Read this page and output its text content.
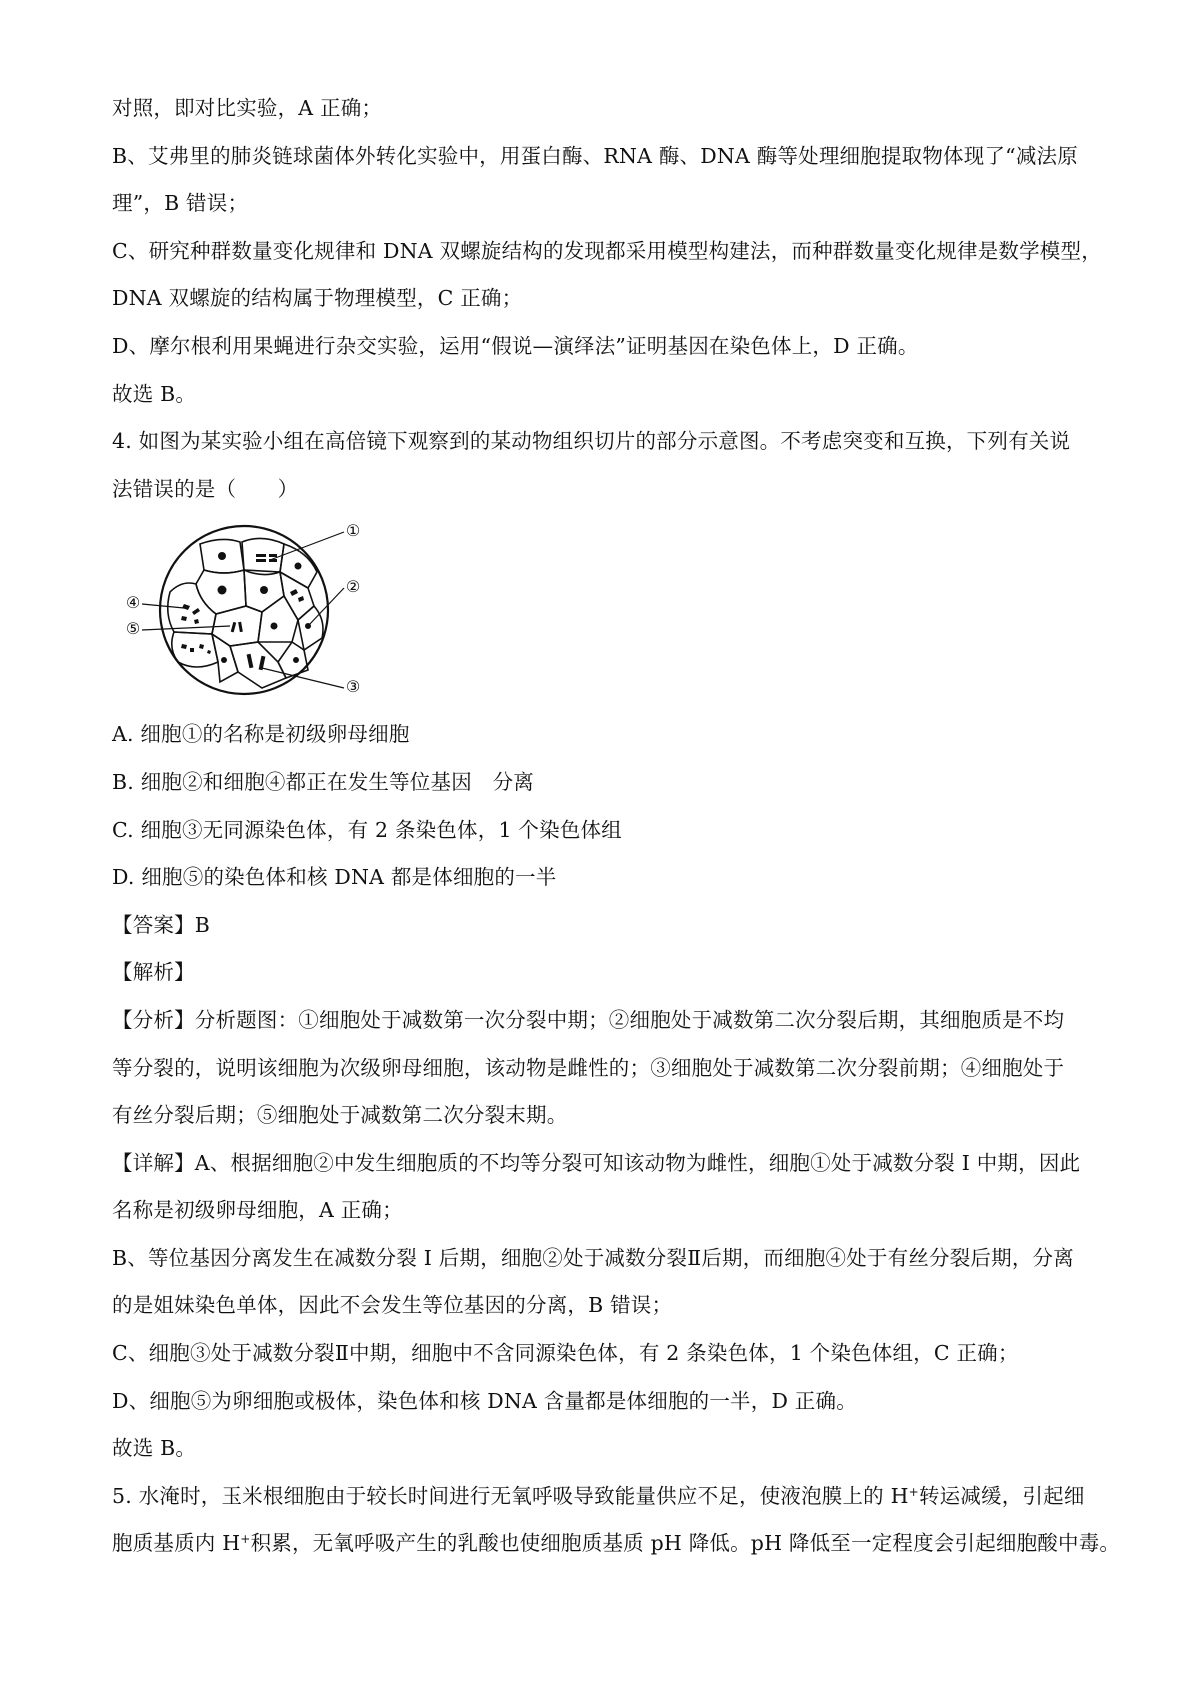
对照，即对比实验，A 正确；
B、艾弗里的肺炎链球菌体外转化实验中，用蛋白酶、RNA 酶、DNA 酶等处理细胞提取物体现了“减法原
理”，B 错误；
C、研究种群数量变化规律和 DNA 双螺旋结构的发现都采用模型构建法，而种群数量变化规律是数学模型，
DNA 双螺旋的结构属于物理模型，C 正确；
D、摩尔根利用果蝇进行杂交实验，运用“假说—演绎法”证明基因在染色体上，D 正确。
故选 B。
4. 如图为某实验小组在高倍镜下观察到的某动物组织切片的部分示意图。不考虑突变和互换，下列有关说
法错误的是（　　）
①
②
③
④
⑤
A. 细胞①的名称是初级卵母细胞
B. 细胞②和细胞④都正在发生等位基因　分离
C. 细胞③无同源染色体，有 2 条染色体，1 个染色体组
D. 细胞⑤的染色体和核 DNA 都是体细胞的一半
【答案】B
【解析】
【分析】分析题图：①细胞处于减数第一次分裂中期；②细胞处于减数第二次分裂后期，其细胞质是不均
等分裂的，说明该细胞为次级卵母细胞，该动物是雌性的；③细胞处于减数第二次分裂前期；④细胞处于
有丝分裂后期；⑤细胞处于减数第二次分裂末期。
【详解】A、根据细胞②中发生细胞质的不均等分裂可知该动物为雌性，细胞①处于减数分裂 I 中期，因此
名称是初级卵母细胞，A 正确；
B、等位基因分离发生在减数分裂 I 后期，细胞②处于减数分裂Ⅱ后期，而细胞④处于有丝分裂后期，分离
的是姐妹染色单体，因此不会发生等位基因的分离，B 错误；
C、细胞③处于减数分裂Ⅱ中期，细胞中不含同源染色体，有 2 条染色体，1 个染色体组，C 正确；
D、细胞⑤为卵细胞或极体，染色体和核 DNA 含量都是体细胞的一半，D 正确。
故选 B。
5. 水淹时，玉米根细胞由于较长时间进行无氧呼吸导致能量供应不足，使液泡膜上的 H+转运减缓，引起细
胞质基质内 H+积累，无氧呼吸产生的乳酸也使细胞质基质 pH 降低。pH 降低至一定程度会引起细胞酸中毒。
